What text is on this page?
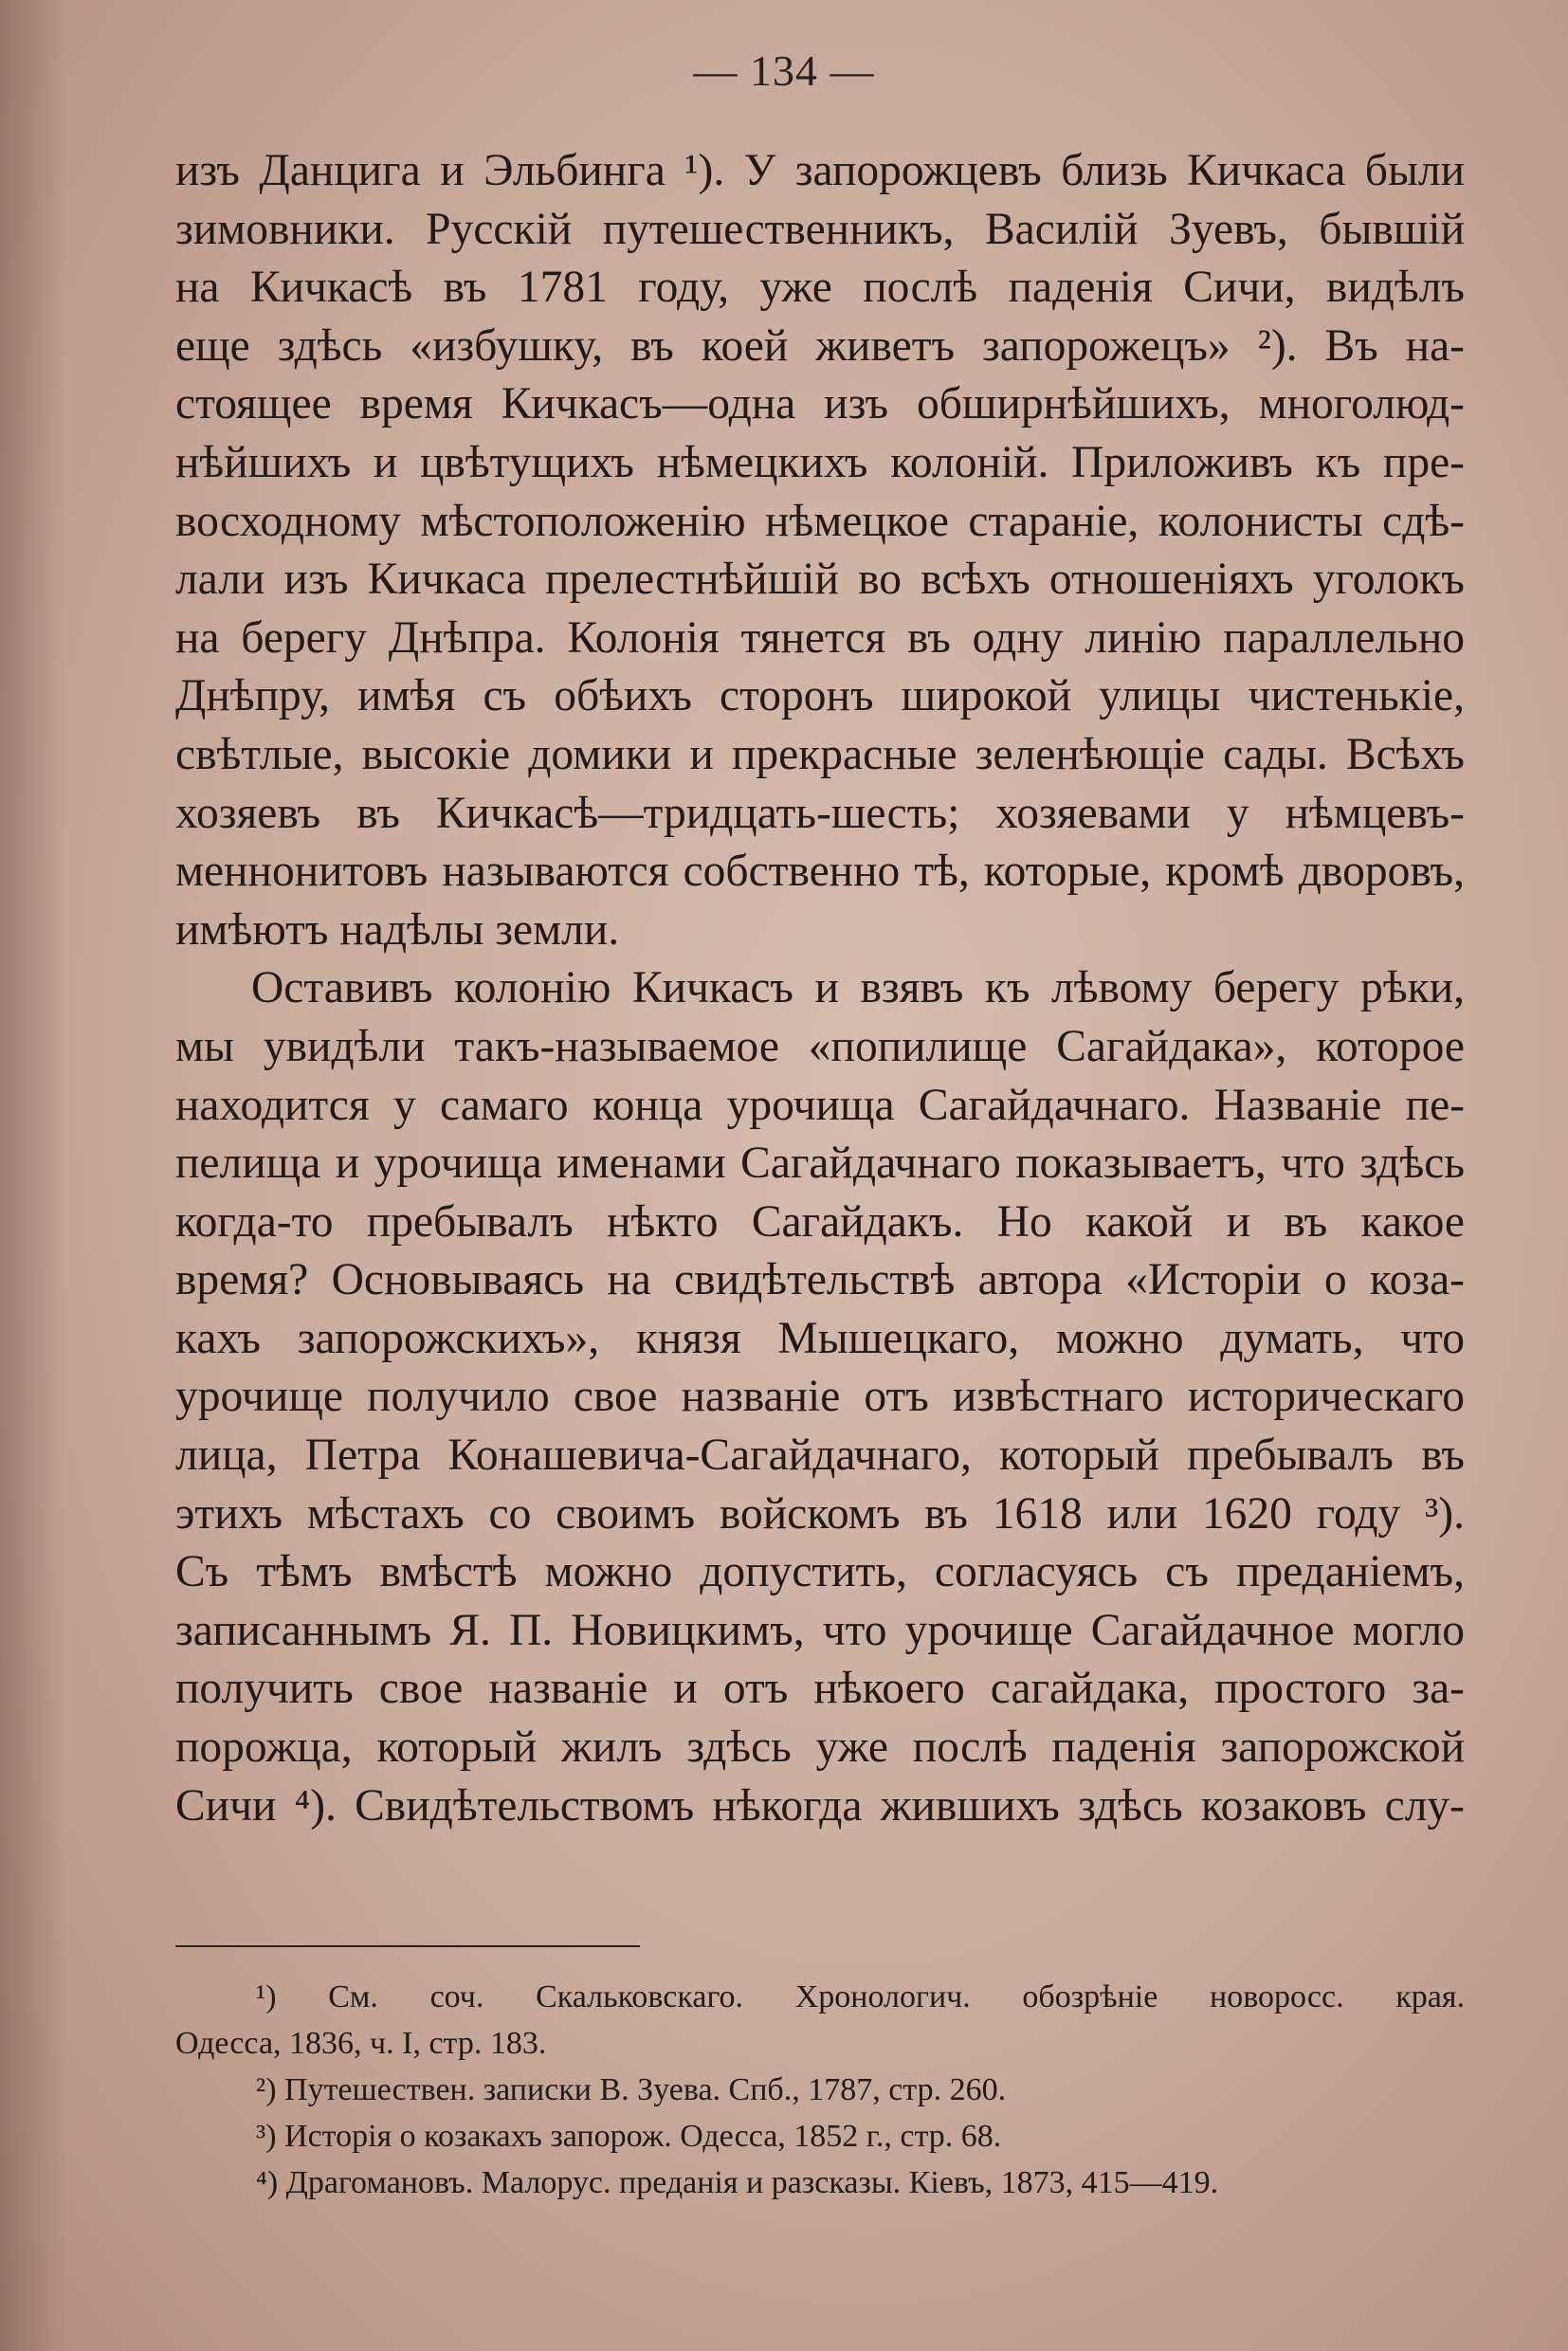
— 134 —

изъ Данцига и Эльбинга ¹). У запорожцевъ близь Кичкаса были
зимовники. Русскій путешественникъ, Василій Зуевъ, бывшій
на Кичкасѣ въ 1781 году, уже послѣ паденія Сичи, видѣлъ
еще здѣсь «избушку, въ коей живетъ запорожецъ» ²). Въ на-
стоящее время Кичкасъ—одна изъ обширнѣйшихъ, многолюд-
нѣйшихъ и цвѣтущихъ нѣмецкихъ колоній. Приложивъ къ пре-
восходному мѣстоположенію нѣмецкое стараніе, колонисты сдѣ-
лали изъ Кичкаса прелестнѣйшій во всѣхъ отношеніяхъ уголокъ
на берегу Днѣпра. Колонія тянется въ одну линію параллельно
Днѣпру, имѣя съ обѣихъ сторонъ широкой улицы чистенькіе,
свѣтлые, высокіе домики и прекрасные зеленѣющіе сады. Всѣхъ
хозяевъ въ Кичкасѣ—тридцать-шесть; хозяевами у нѣмцевъ-
меннонитовъ называются собственно тѣ, которые, кромѣ дворовъ,
имѣютъ надѣлы земли.

Оставивъ колонію Кичкасъ и взявъ къ лѣвому берегу рѣки,
мы увидѣли такъ-называемое «попилище Сагайдака», которое
находится у самаго конца урочища Сагайдачнаго. Названіе пе-
пелища и урочища именами Сагайдачнаго показываетъ, что здѣсь
когда-то пребывалъ нѣкто Сагайдакъ. Но какой и въ какое
время? Основываясь на свидѣтельствѣ автора «Исторіи о коза-
кахъ запорожскихъ», князя Мышецкаго, можно думать, что
урочище получило свое названіе отъ извѣстнаго историческаго
лица, Петра Конашевича-Сагайдачнаго, который пребывалъ въ
этихъ мѣстахъ со своимъ войскомъ въ 1618 или 1620 году ³).
Съ тѣмъ вмѣстѣ можно допустить, согласуясь съ преданіемъ,
записаннымъ Я. П. Новицкимъ, что урочище Сагайдачное могло
получить свое названіе и отъ нѣкоего сагайдака, простого за-
порожца, который жилъ здѣсь уже послѣ паденія запорожской
Сичи ⁴). Свидѣтельствомъ нѣкогда жившихъ здѣсь козаковъ слу-

¹) См. соч. Скальковскаго. Хронологич. обозрѣніе новоросс. края.
Одесса, 1836, ч. I, стр. 183.
²) Путешествен. записки В. Зуева. Спб., 1787, стр. 260.
³) Исторія о козакахъ запорож. Одесса, 1852 г., стр. 68.
⁴) Драгомановъ. Малорус. преданія и разсказы. Кіевъ, 1873, 415—419.
